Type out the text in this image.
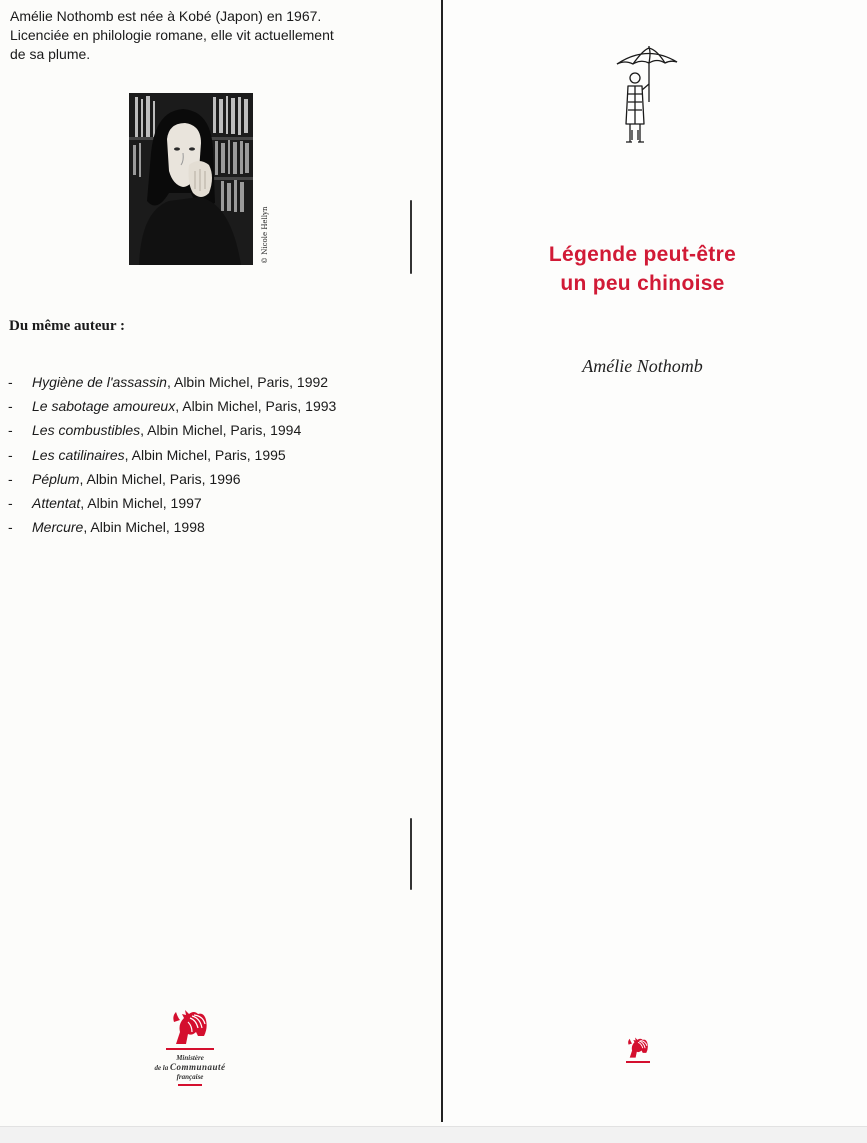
Amélie Nothomb est née à Kobé (Japon) en 1967.
Licenciée en philologie romane, elle vit actuellement
de sa plume.
© Nicole Hellyn
Du même auteur :
- Hygiène de l'assassin, Albin Michel, Paris, 1992
- Le sabotage amoureux, Albin Michel, Paris, 1993
- Les combustibles, Albin Michel, Paris, 1994
- Les catilinaires, Albin Michel, Paris, 1995
- Péplum, Albin Michel, Paris, 1996
- Attentat, Albin Michel, 1997
- Mercure, Albin Michel, 1998
Ministère
de la Communauté
française
Légende peut-être
un peu chinoise
Amélie Nothomb
